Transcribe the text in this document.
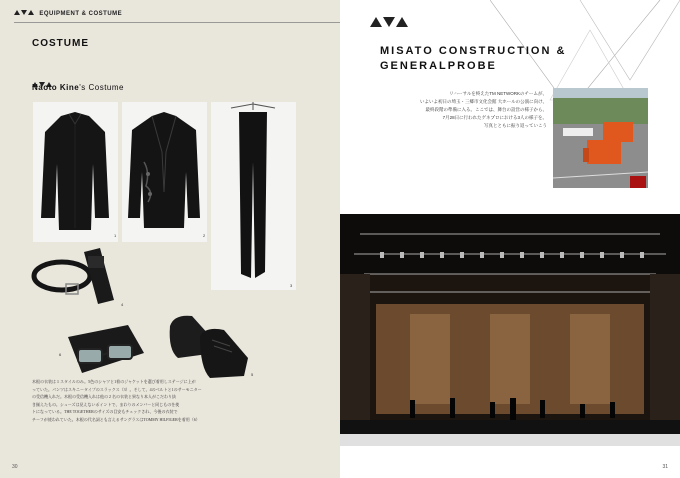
EQUIPMENT & COSTUME
COSTUME
Naoto Kine's Costume
1	2
3
4
6
5
木根の衣装は１スタイルのみ。5色のシャツと1着のジャケットを選び着用しステージに上が
っていた。パンツはスキニータイプのスラックス（3）。そして、4のベルトと1のサーモニター
の受信機入れだ。木根の受信機入れは他の２名の衣装と異なり本人がこだわり抜
き揃えたもの。シューズは見えないポイントで、まわりのメンバーと同じものを使
トになっている。THE TOGETHERのサイズの目安もチェックされ、今後の衣装で
チーフが使われていた。木根の代名詞とも言えるサングラスはTOMMY HILFIGERを着用（6）
30
MISATO CONSTRUCTION &
GENERALPROBE
リハーサルを終えたTM NETWORKのチームが、
いよいよ初日の埼玉・三郷市文化会館 大ホールの公演に向け、
最終段階の準備に入る。ここでは、舞台の設営の様子から、
7月28日に行われたゲネプロにおける3人の様子を。
写真とともに振り返っていこう
31
